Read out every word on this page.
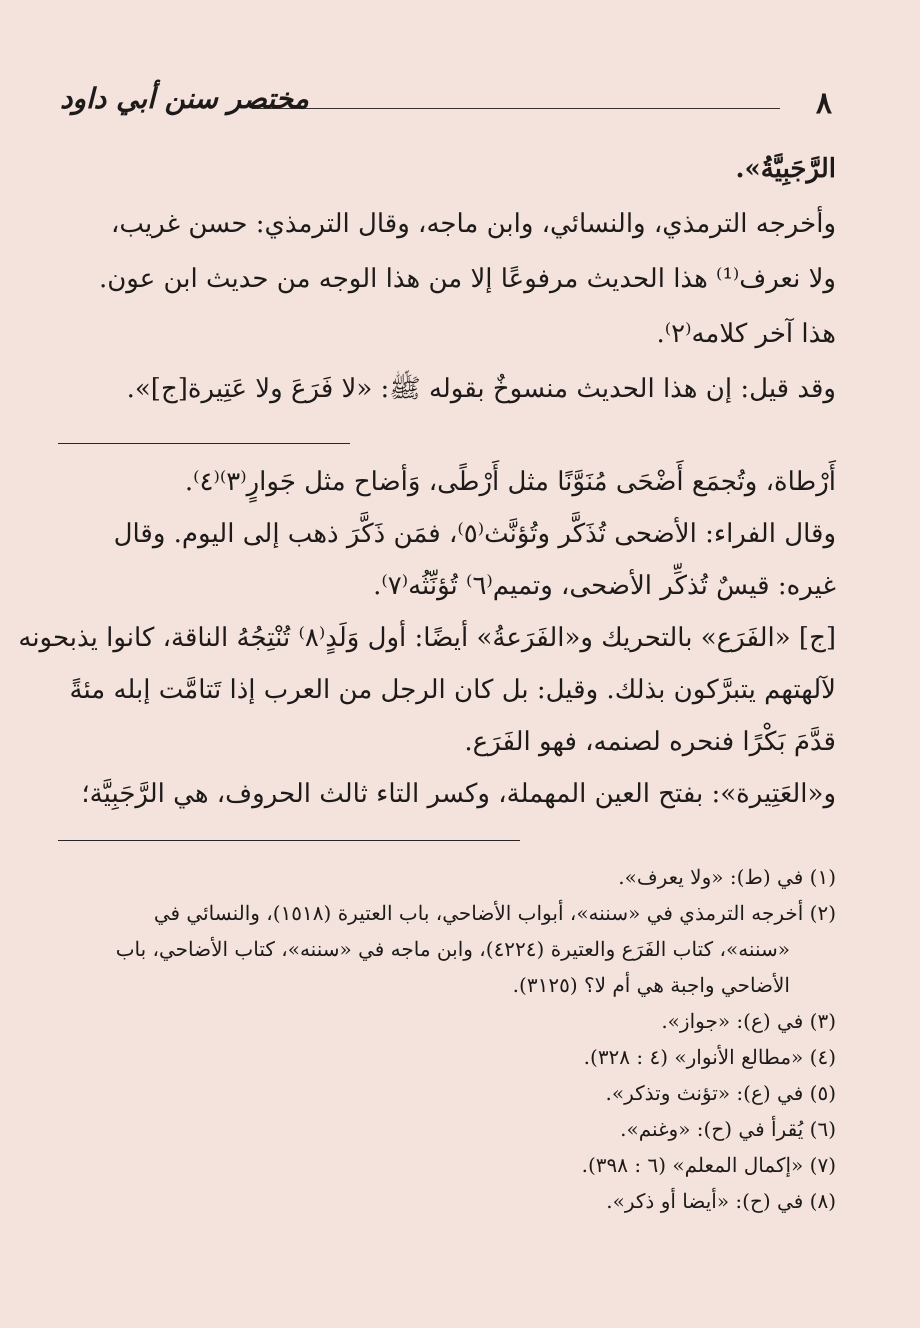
٨
مختصر سنن أبي داود

الرَّجَبِيَّةُ».

وأخرجه الترمذي، والنسائي، وابن ماجه، وقال الترمذي: حسن غريب،

ولا نعرف⁽¹⁾ هذا الحديث مرفوعًا إلا من هذا الوجه من حديث ابن عون.

هذا آخر كلامه⁽٢⁾.

وقد قيل: إن هذا الحديث منسوخٌ بقوله ﷺ: «لا فَرَعَ ولا عَتِيرة[ج]».

أَرْطاة، وتُجمَع أَضْحَى مُنَوَّنًا مثل أَرْطًى، وَأضاح مثل جَوارٍ⁽٣⁾⁽٤⁾.

وقال الفراء: الأضحى تُذَكَّر وتُؤنَّث⁽٥⁾، فمَن ذَكَّرَ ذهب إلى اليوم. وقال

غيره: قيسٌ تُذكِّر الأضحى، وتميم⁽٦⁾ تُؤنِّثُه⁽٧⁾.

[ج] «الفَرَع» بالتحريك و«الفَرَعةُ» أيضًا: أول وَلَدٍ⁽٨⁾ تُنْتِجُهُ الناقة، كانوا يذبحونه

لآلهتهم يتبرَّكون بذلك. وقيل: بل كان الرجل من العرب إذا تَتامَّت إبله مئةً

قدَّمَ بَكْرًا فنحره لصنمه، فهو الفَرَع.

و«العَتِيرة»: بفتح العين المهملة، وكسر التاء ثالث الحروف، هي الرَّجَبِيَّة؛

(١) في (ط): «ولا يعرف».

(٢) أخرجه الترمذي في «سننه»، أبواب الأضاحي، باب العتيرة (١٥١٨)، والنسائي في

«سننه»، كتاب الفَرَع والعتيرة (٤٢٢٤)، وابن ماجه في «سننه»، كتاب الأضاحي، باب

الأضاحي واجبة هي أم لا؟ (٣١٢٥).

(٣) في (ع): «جواز».

(٤) «مطالع الأنوار» (٤ : ٣٢٨).

(٥) في (ع): «تؤنث وتذكر».

(٦) يُقرأ في (ح): «وغنم».

(٧) «إكمال المعلم» (٦ : ٣٩٨).

(٨) في (ح): «أيضا أو ذكر».
